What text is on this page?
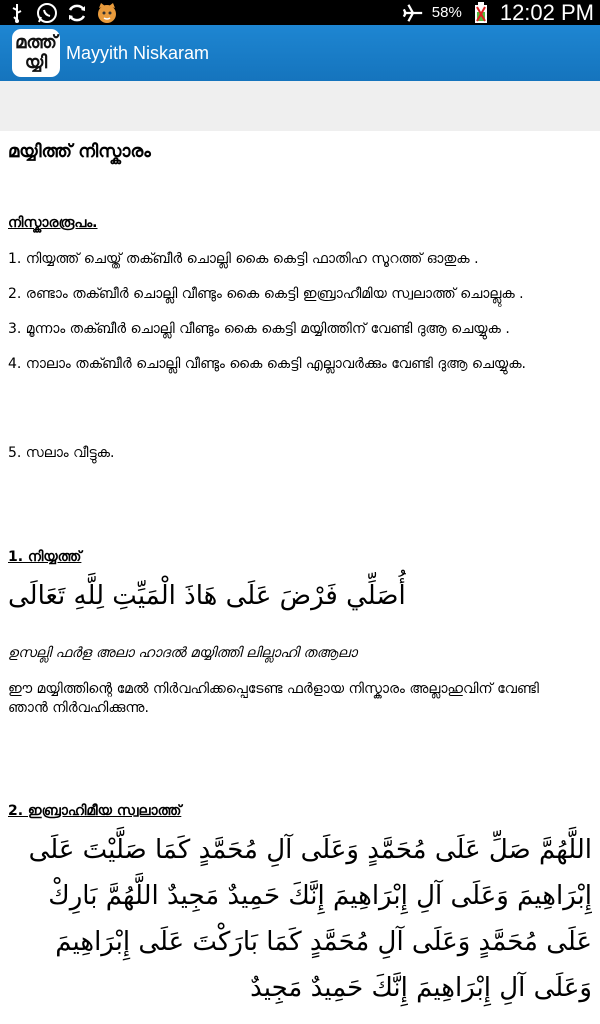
58% 12:02 PM
മത്ത്
യ്യി Mayyith Niskaram
മയ്യിത്ത് നിസ്കാരം
നിസ്കാരരൂപം.
1. നിയ്യത്ത് ചെയ്ത് തക്ബീർ ചൊല്ലി കൈ കെട്ടി ഫാതിഹ സൂറത്ത് ഓതുക .
2. രണ്ടാം തക്ബീർ ചൊല്ലി വീണ്ടും കൈ കെട്ടി ഇബ്രാഹീമിയ സ്വലാത്ത് ചൊല്ലുക .
3. മൂന്നാം തക്ബീർ ചൊല്ലി വീണ്ടും കൈ കെട്ടി മയ്യിത്തിന് വേണ്ടി ദുആ ചെയ്യുക .
4. നാലാം തക്ബീർ ചൊല്ലി വീണ്ടും കൈ കെട്ടി എല്ലാവർക്കും വേണ്ടി ദുആ ചെയ്യുക.
5. സലാം വീട്ടുക.
1. നിയ്യത്ത്
أُصَلِّي فَرْضَ عَلَى هَاذَ الْمَيِّتِ لِلَّهِ تَعَالَى
ഉസല്ലി ഫർള അലാ ഹാദൽ മയ്യിത്തി ലില്ലാഹി തആലാ
ഈ മയ്യിത്തിന്റെ മേൽ നിർവഹിക്കപ്പെടേണ്ട ഫർളായ നിസ്കാരം അല്ലാഹുവിന് വേണ്ടി ഞാൻ നിർവഹിക്കുന്നു.
2. ഇബ്രാഹിമീയ സ്വലാത്ത്
اللَّهُمَّ صَلِّ عَلَى مُحَمَّدٍ وَعَلَى آلِ مُحَمَّدٍ كَمَا صَلَّيْتَ عَلَى
إِبْرَاهِيمَ وَعَلَى آلِ إِبْرَاهِيمَ إِنَّكَ حَمِيدٌ مَجِيدٌ اللَّهُمَّ بَارِكْ
عَلَى مُحَمَّدٍ وَعَلَى آلِ مُحَمَّدٍ كَمَا بَارَكْتَ عَلَى إِبْرَاهِيمَ
وَعَلَى آلِ إِبْرَاهِيمَ إِنَّكَ حَمِيدٌ مَجِيدٌ
